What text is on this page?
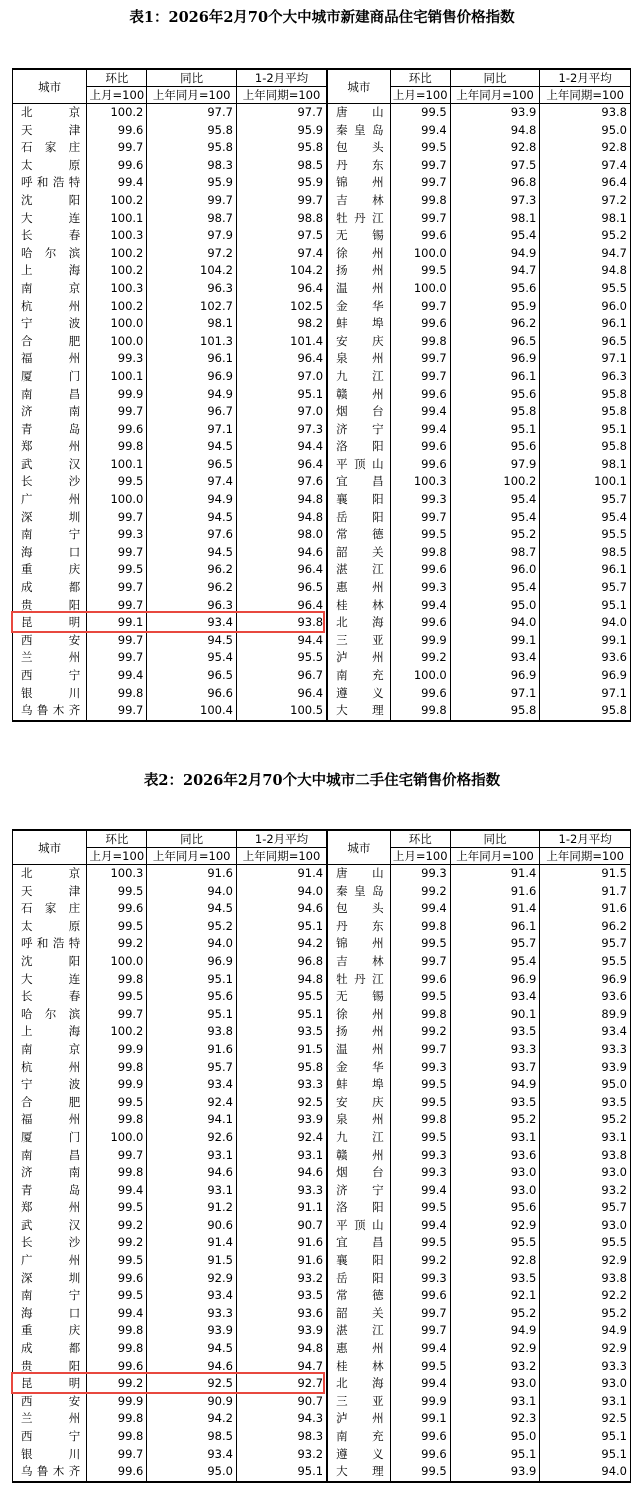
表1：2026年2月70个大中城市新建商品住宅销售价格指数
城市	环比	同比	1-2月平均	城市	环比	同比	1-2月平均
	上月=100	上年同月=100	上年同期=100		上月=100	上年同月=100	上年同期=100
北京	100.2	97.7	97.7	唐山	99.5	93.9	93.8
天津	99.6	95.8	95.9	秦皇岛	99.4	94.8	95.0
石家庄	99.7	95.8	95.8	包头	99.5	92.8	92.8
太原	99.6	98.3	98.5	丹东	99.7	97.5	97.4
呼和浩特	99.4	95.9	95.9	锦州	99.7	96.8	96.4
沈阳	100.2	99.7	99.7	吉林	99.8	97.3	97.2
大连	100.1	98.7	98.8	牡丹江	99.7	98.1	98.1
长春	100.3	97.9	97.5	无锡	99.6	95.4	95.2
哈尔滨	100.2	97.2	97.4	徐州	100.0	94.9	94.7
上海	100.2	104.2	104.2	扬州	99.5	94.7	94.8
南京	100.3	96.3	96.4	温州	100.0	95.6	95.5
杭州	100.2	102.7	102.5	金华	99.7	95.9	96.0
宁波	100.0	98.1	98.2	蚌埠	99.6	96.2	96.1
合肥	100.0	101.3	101.4	安庆	99.8	96.5	96.5
福州	99.3	96.1	96.4	泉州	99.7	96.9	97.1
厦门	100.1	96.9	97.0	九江	99.7	96.1	96.3
南昌	99.9	94.9	95.1	赣州	99.6	95.6	95.8
济南	99.7	96.7	97.0	烟台	99.4	95.8	95.8
青岛	99.6	97.1	97.3	济宁	99.4	95.1	95.1
郑州	99.8	94.5	94.4	洛阳	99.6	95.6	95.8
武汉	100.1	96.5	96.4	平顶山	99.6	97.9	98.1
长沙	99.5	97.4	97.6	宜昌	100.3	100.2	100.1
广州	100.0	94.9	94.8	襄阳	99.3	95.4	95.7
深圳	99.7	94.5	94.8	岳阳	99.7	95.4	95.4
南宁	99.3	97.6	98.0	常德	99.5	95.2	95.5
海口	99.7	94.5	94.6	韶关	99.8	98.7	98.5
重庆	99.5	96.2	96.4	湛江	99.6	96.0	96.1
成都	99.7	96.2	96.5	惠州	99.3	95.4	95.7
贵阳	99.7	96.3	96.4	桂林	99.4	95.0	95.1
昆明	99.1	93.4	93.8	北海	99.6	94.0	94.0
西安	99.7	94.5	94.4	三亚	99.9	99.1	99.1
兰州	99.7	95.4	95.5	泸州	99.2	93.4	93.6
西宁	99.4	96.5	96.7	南充	100.0	96.9	96.9
银川	99.8	96.6	96.4	遵义	99.6	97.1	97.1
乌鲁木齐	99.7	100.4	100.5	大理	99.8	95.8	95.8
表2：2026年2月70个大中城市二手住宅销售价格指数
城市	环比	同比	1-2月平均	城市	环比	同比	1-2月平均
	上月=100	上年同月=100	上年同期=100		上月=100	上年同月=100	上年同期=100
北京	100.3	91.6	91.4	唐山	99.3	91.4	91.5
天津	99.5	94.0	94.0	秦皇岛	99.2	91.6	91.7
石家庄	99.6	94.5	94.6	包头	99.4	91.4	91.6
太原	99.5	95.2	95.1	丹东	99.8	96.1	96.2
呼和浩特	99.2	94.0	94.2	锦州	99.5	95.7	95.7
沈阳	100.0	96.9	96.8	吉林	99.7	95.4	95.5
大连	99.8	95.1	94.8	牡丹江	99.6	96.9	96.9
长春	99.5	95.6	95.5	无锡	99.5	93.4	93.6
哈尔滨	99.7	95.1	95.1	徐州	99.8	90.1	89.9
上海	100.2	93.8	93.5	扬州	99.2	93.5	93.4
南京	99.9	91.6	91.5	温州	99.7	93.3	93.3
杭州	99.8	95.7	95.8	金华	99.3	93.7	93.9
宁波	99.9	93.4	93.3	蚌埠	99.5	94.9	95.0
合肥	99.5	92.4	92.5	安庆	99.5	93.5	93.5
福州	99.8	94.1	93.9	泉州	99.8	95.2	95.2
厦门	100.0	92.6	92.4	九江	99.5	93.1	93.1
南昌	99.7	93.1	93.1	赣州	99.3	93.6	93.8
济南	99.8	94.6	94.6	烟台	99.3	93.0	93.0
青岛	99.4	93.1	93.3	济宁	99.4	93.0	93.2
郑州	99.5	91.2	91.1	洛阳	99.5	95.6	95.7
武汉	99.2	90.6	90.7	平顶山	99.4	92.9	93.0
长沙	99.2	91.4	91.6	宜昌	99.5	95.5	95.5
广州	99.5	91.5	91.6	襄阳	99.2	92.8	92.9
深圳	99.6	92.9	93.2	岳阳	99.3	93.5	93.8
南宁	99.5	93.4	93.5	常德	99.6	92.1	92.2
海口	99.4	93.3	93.6	韶关	99.7	95.2	95.2
重庆	99.8	93.9	93.9	湛江	99.7	94.9	94.9
成都	99.8	94.5	94.8	惠州	99.4	92.9	92.9
贵阳	99.6	94.6	94.7	桂林	99.5	93.2	93.3
昆明	99.2	92.5	92.7	北海	99.4	93.0	93.0
西安	99.9	90.9	90.7	三亚	99.9	93.1	93.1
兰州	99.8	94.2	94.3	泸州	99.1	92.3	92.5
西宁	99.8	98.5	98.3	南充	99.6	95.0	95.1
银川	99.7	93.4	93.2	遵义	99.6	95.1	95.1
乌鲁木齐	99.6	95.0	95.1	大理	99.5	93.9	94.0
